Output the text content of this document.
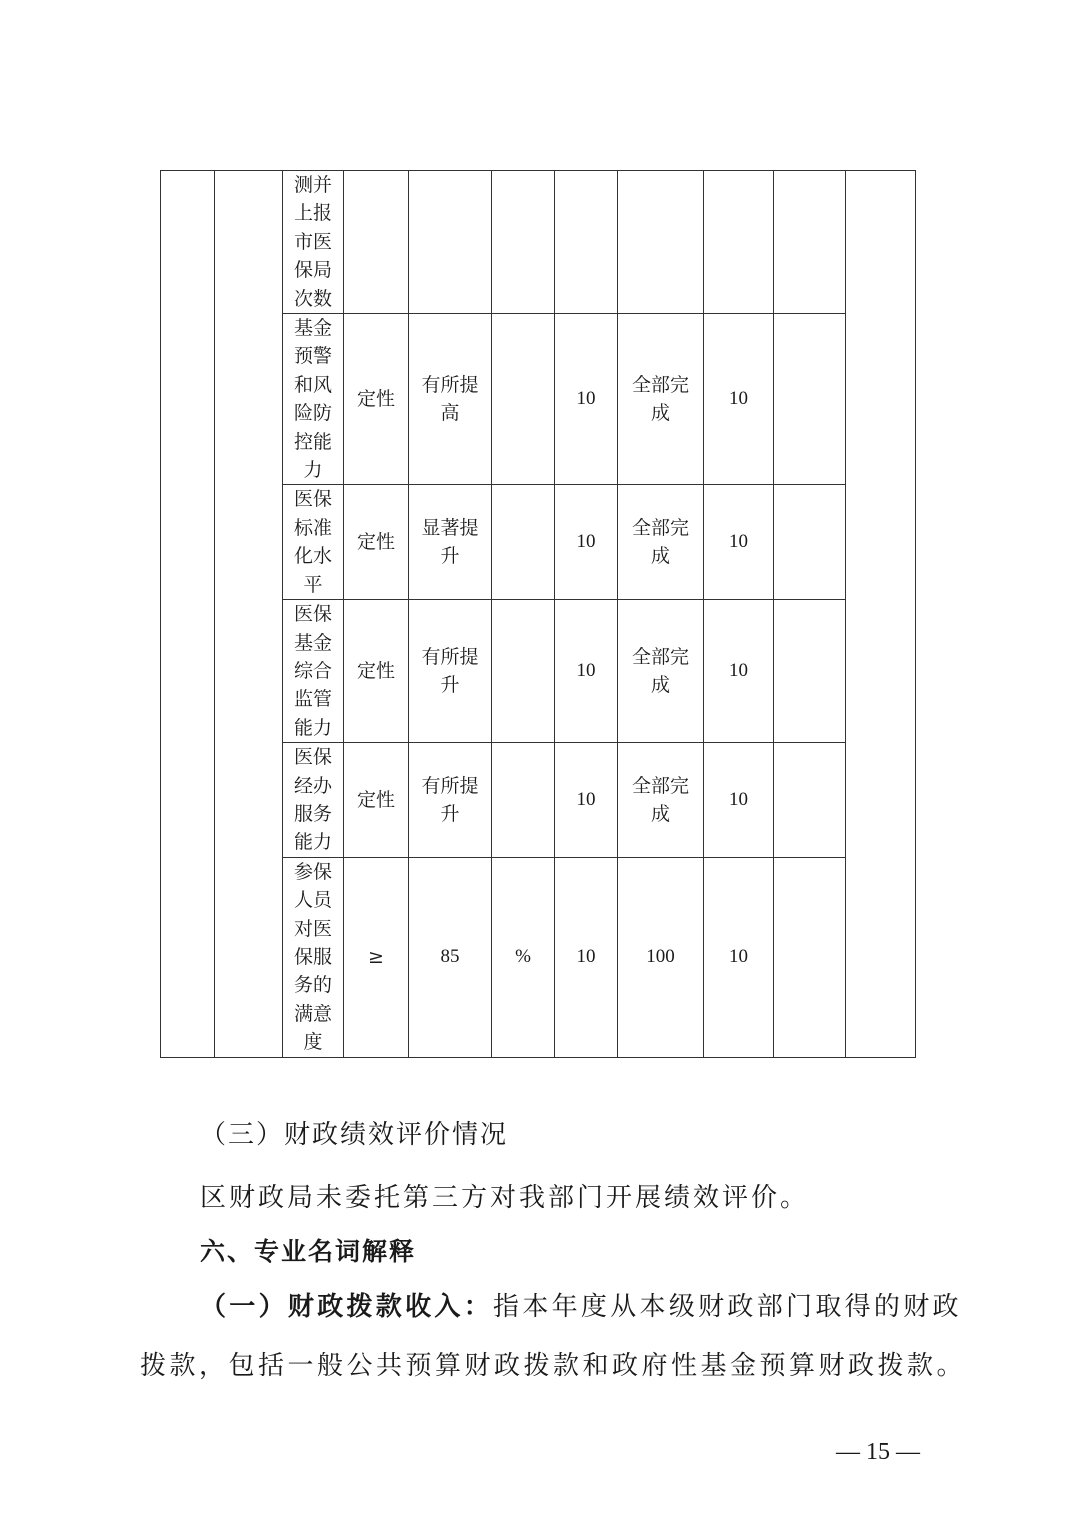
		测并上报市医保局次数								
		基金预警和风险防控能力	定性	有所提高		10	全部完成	10		
		医保标准化水平	定性	显著提升		10	全部完成	10		
		医保基金综合监管能力	定性	有所提升		10	全部完成	10		
		医保经办服务能力	定性	有所提升		10	全部完成	10		
		参保人员对医保服务的满意度	≥	85	%	10	100	10		

（三）财政绩效评价情况

区财政局未委托第三方对我部门开展绩效评价。

六、专业名词解释

（一）财政拨款收入：指本年度从本级财政部门取得的财政

拨款，包括一般公共预算财政拨款和政府性基金预算财政拨款。

— 15 —
